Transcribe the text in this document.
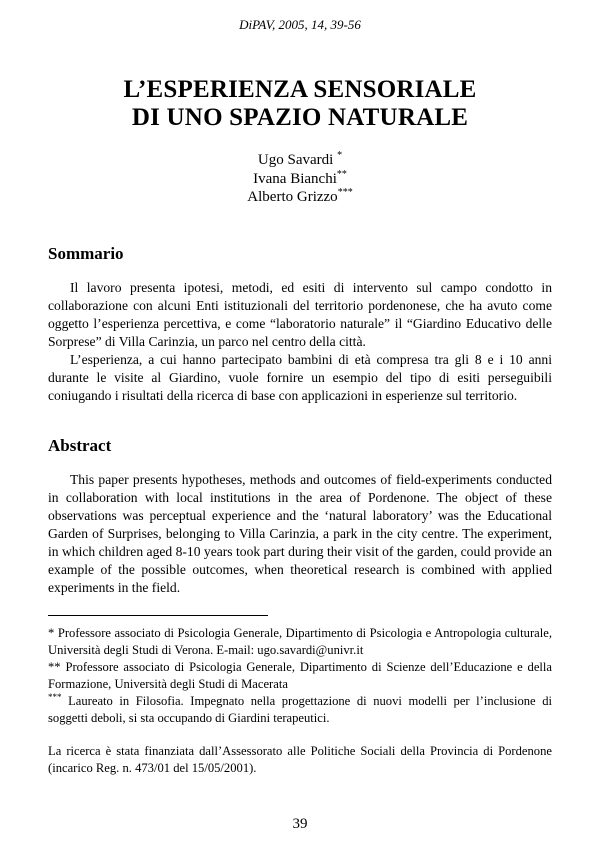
DiPAV, 2005, 14, 39-56
L’ESPERIENZA SENSORIALE
DI UNO SPAZIO NATURALE
Ugo Savardi *
Ivana Bianchi**
Alberto Grizzo***
Sommario

Il lavoro presenta ipotesi, metodi, ed esiti di intervento sul campo condotto in collaborazione con alcuni Enti istituzionali del territorio pordenonese, che ha avuto come oggetto l’esperienza percettiva, e come “laboratorio naturale” il “Giardino Educativo delle Sorprese” di Villa Carinzia, un parco nel centro della città.

L’esperienza, a cui hanno partecipato bambini di età compresa tra gli 8 e i 10 anni durante le visite al Giardino, vuole fornire un esempio del tipo di esiti perseguibili coniugando i risultati della ricerca di base con applicazioni in esperienze sul territorio.

Abstract

This paper presents hypotheses, methods and outcomes of field-experiments conducted in collaboration with local institutions in the area of Pordenone. The object of these observations was perceptual experience and the ‘natural laboratory’ was the Educational Garden of Surprises, belonging to Villa Carinzia, a park in the city centre. The experiment, in which children aged 8-10 years took part during their visit of the garden, could provide an example of the possible outcomes, when theoretical research is combined with applied experiments in the field.

* Professore associato di Psicologia Generale, Dipartimento di Psicologia e Antropologia culturale, Università degli Studi di Verona. E-mail: ugo.savardi@univr.it

** Professore associato di Psicologia Generale, Dipartimento di Scienze dell’Educazione e della Formazione, Università degli Studi di Macerata

*** Laureato in Filosofia. Impegnato nella progettazione di nuovi modelli per l’inclusione di soggetti deboli, si sta occupando di Giardini terapeutici.

La ricerca è stata finanziata dall’Assessorato alle Politiche Sociali della Provincia di Pordenone (incarico Reg. n. 473/01 del 15/05/2001).

39
